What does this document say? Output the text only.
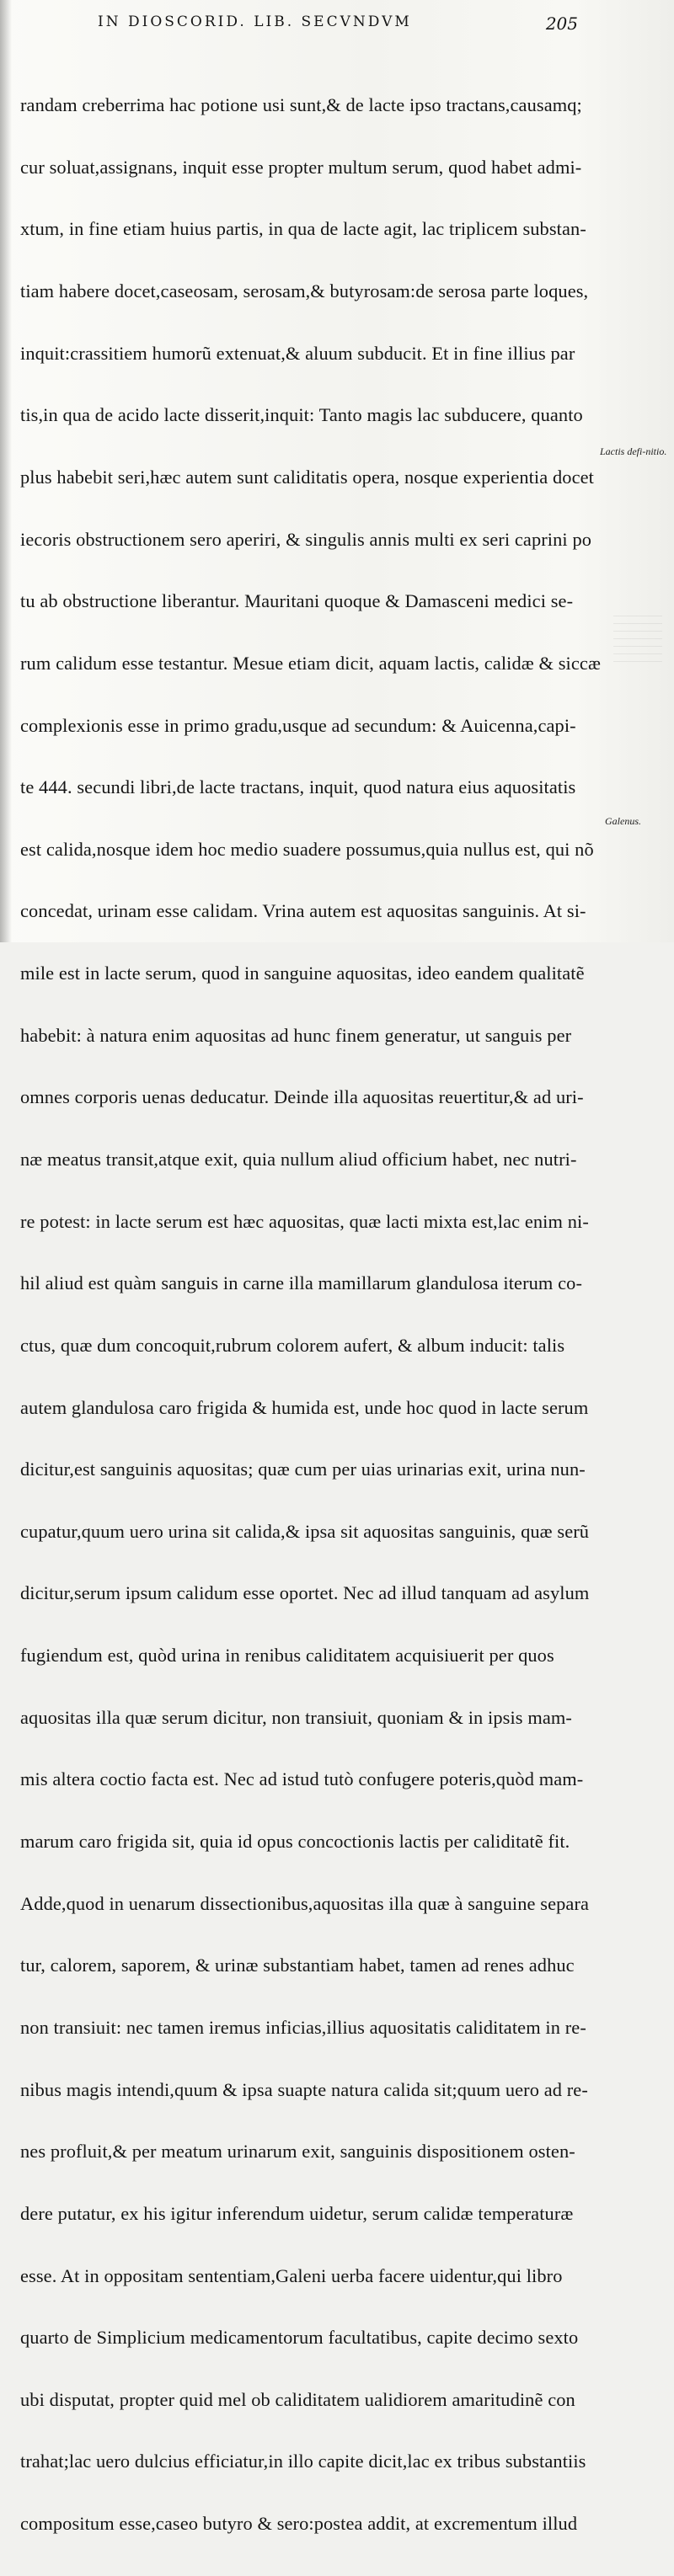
IN DIOSCORID. LIB. SECVNDVM	205

randam creberrima hac potione usi sunt,& de lacte ipso tractans,causamq;

cur soluat,assignans, inquit esse propter multum serum, quod habet admi-

xtum, in fine etiam huius partis, in qua de lacte agit, lac triplicem substan-

tiam habere docet,caseosam, serosam,& butyrosam:de serosa parte loques,

inquit:crassitiem humorũ extenuat,& aluum subducit. Et in fine illius par

tis,in qua de acido lacte disserit,inquit: Tanto magis lac subducere, quanto

plus habebit seri,hæc autem sunt caliditatis opera, nosque experientia docet

iecoris obstructionem sero aperiri, & singulis annis multi ex seri caprini po

tu ab obstructione liberantur. Mauritani quoque & Damasceni medici se-

rum calidum esse testantur. Mesue etiam dicit, aquam lactis, calidæ & siccæ

complexionis esse in primo gradu,usque ad secundum: & Auicenna,capi-

te 444. secundi libri,de lacte tractans, inquit, quod natura eius aquositatis

est calida,nosque idem hoc medio suadere possumus,quia nullus est, qui nõ

concedat, urinam esse calidam. Vrina autem est aquositas sanguinis. At si-

mile est in lacte serum, quod in sanguine aquositas, ideo eandem qualitatẽ

habebit: à natura enim aquositas ad hunc finem generatur, ut sanguis per

omnes corporis uenas deducatur. Deinde illa aquositas reuertitur,& ad uri-

næ meatus transit,atque exit, quia nullum aliud officium habet, nec nutri-

re potest: in lacte serum est hæc aquositas, quæ lacti mixta est,lac enim ni-

hil aliud est quàm sanguis in carne illa mamillarum glandulosa iterum co-

ctus, quæ dum concoquit,rubrum colorem aufert, & album inducit: talis

autem glandulosa caro frigida & humida est, unde hoc quod in lacte serum

dicitur,est sanguinis aquositas; quæ cum per uias urinarias exit, urina nun-

cupatur,quum uero urina sit calida,& ipsa sit aquositas sanguinis, quæ serũ

dicitur,serum ipsum calidum esse oportet. Nec ad illud tanquam ad asylum

fugiendum est, quòd urina in renibus caliditatem acquisiuerit per quos

aquositas illa quæ serum dicitur, non transiuit, quoniam & in ipsis mam-

mis altera coctio facta est. Nec ad istud tutò confugere poteris,quòd mam-

marum caro frigida sit, quia id opus concoctionis lactis per caliditatẽ fit.

Adde,quod in uenarum dissectionibus,aquositas illa quæ à sanguine separa

tur, calorem, saporem, & urinæ substantiam habet, tamen ad renes adhuc

non transiuit: nec tamen iremus inficias,illius aquositatis caliditatem in re-

nibus magis intendi,quum & ipsa suapte natura calida sit;quum uero ad re-

nes profluit,& per meatum urinarum exit, sanguinis dispositionem osten-

dere putatur, ex his igitur inferendum uidetur, serum calidæ temperaturæ

esse. At in oppositam sententiam,Galeni uerba facere uidentur,qui libro

quarto de Simplicium medicamentorum facultatibus, capite decimo sexto

ubi disputat, propter quid mel ob caliditatem ualidiorem amaritudinẽ con

trahat;lac uero dulcius efficiatur,in illo capite dicit,lac ex tribus substantiis

compositum esse,caseo butyro & sero:postea addit, at excrementum illud

Lactis defi-nitio.
Galenus.
